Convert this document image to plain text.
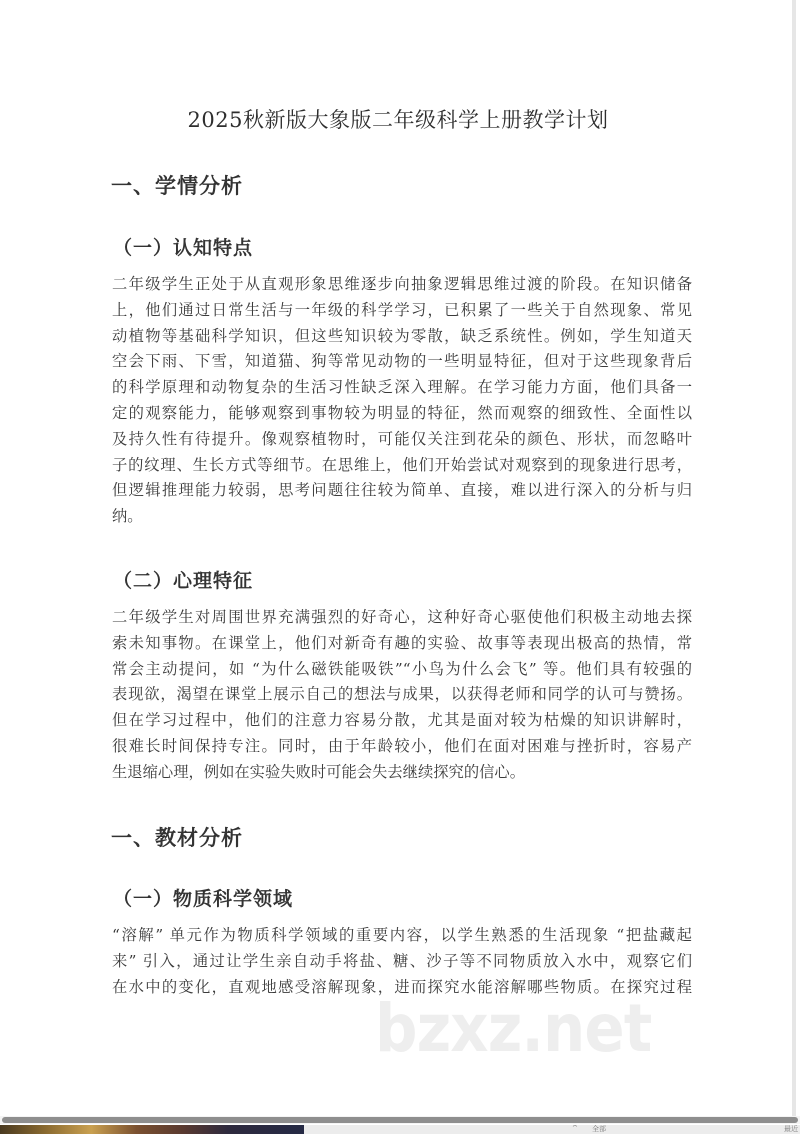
2025秋新版大象版二年级科学上册教学计划
一、学情分析
（一）认知特点
二年级学生正处于从直观形象思维逐步向抽象逻辑思维过渡的阶段。在知识储备
上，他们通过日常生活与一年级的科学学习，已积累了一些关于自然现象、常见
动植物等基础科学知识，但这些知识较为零散，缺乏系统性。例如，学生知道天
空会下雨、下雪，知道猫、狗等常见动物的一些明显特征，但对于这些现象背后
的科学原理和动物复杂的生活习性缺乏深入理解。在学习能力方面，他们具备一
定的观察能力，能够观察到事物较为明显的特征，然而观察的细致性、全面性以
及持久性有待提升。像观察植物时，可能仅关注到花朵的颜色、形状，而忽略叶
子的纹理、生长方式等细节。在思维上，他们开始尝试对观察到的现象进行思考，
但逻辑推理能力较弱，思考问题往往较为简单、直接，难以进行深入的分析与归
纳。
（二）心理特征
二年级学生对周围世界充满强烈的好奇心，这种好奇心驱使他们积极主动地去探
索未知事物。在课堂上，他们对新奇有趣的实验、故事等表现出极高的热情，常
常会主动提问，如 “为什么磁铁能吸铁”“小鸟为什么会飞” 等。他们具有较强的
表现欲，渴望在课堂上展示自己的想法与成果，以获得老师和同学的认可与赞扬。
但在学习过程中，他们的注意力容易分散，尤其是面对较为枯燥的知识讲解时，
很难长时间保持专注。同时，由于年龄较小，他们在面对困难与挫折时，容易产
生退缩心理，例如在实验失败时可能会失去继续探究的信心。
一、教材分析
（一）物质科学领域
“溶解” 单元作为物质科学领域的重要内容，以学生熟悉的生活现象 “把盐藏起
来” 引入，通过让学生亲自动手将盐、糖、沙子等不同物质放入水中，观察它们
在水中的变化，直观地感受溶解现象，进而探究水能溶解哪些物质。在探究过程
bzxz.net
^ 全部	最近
